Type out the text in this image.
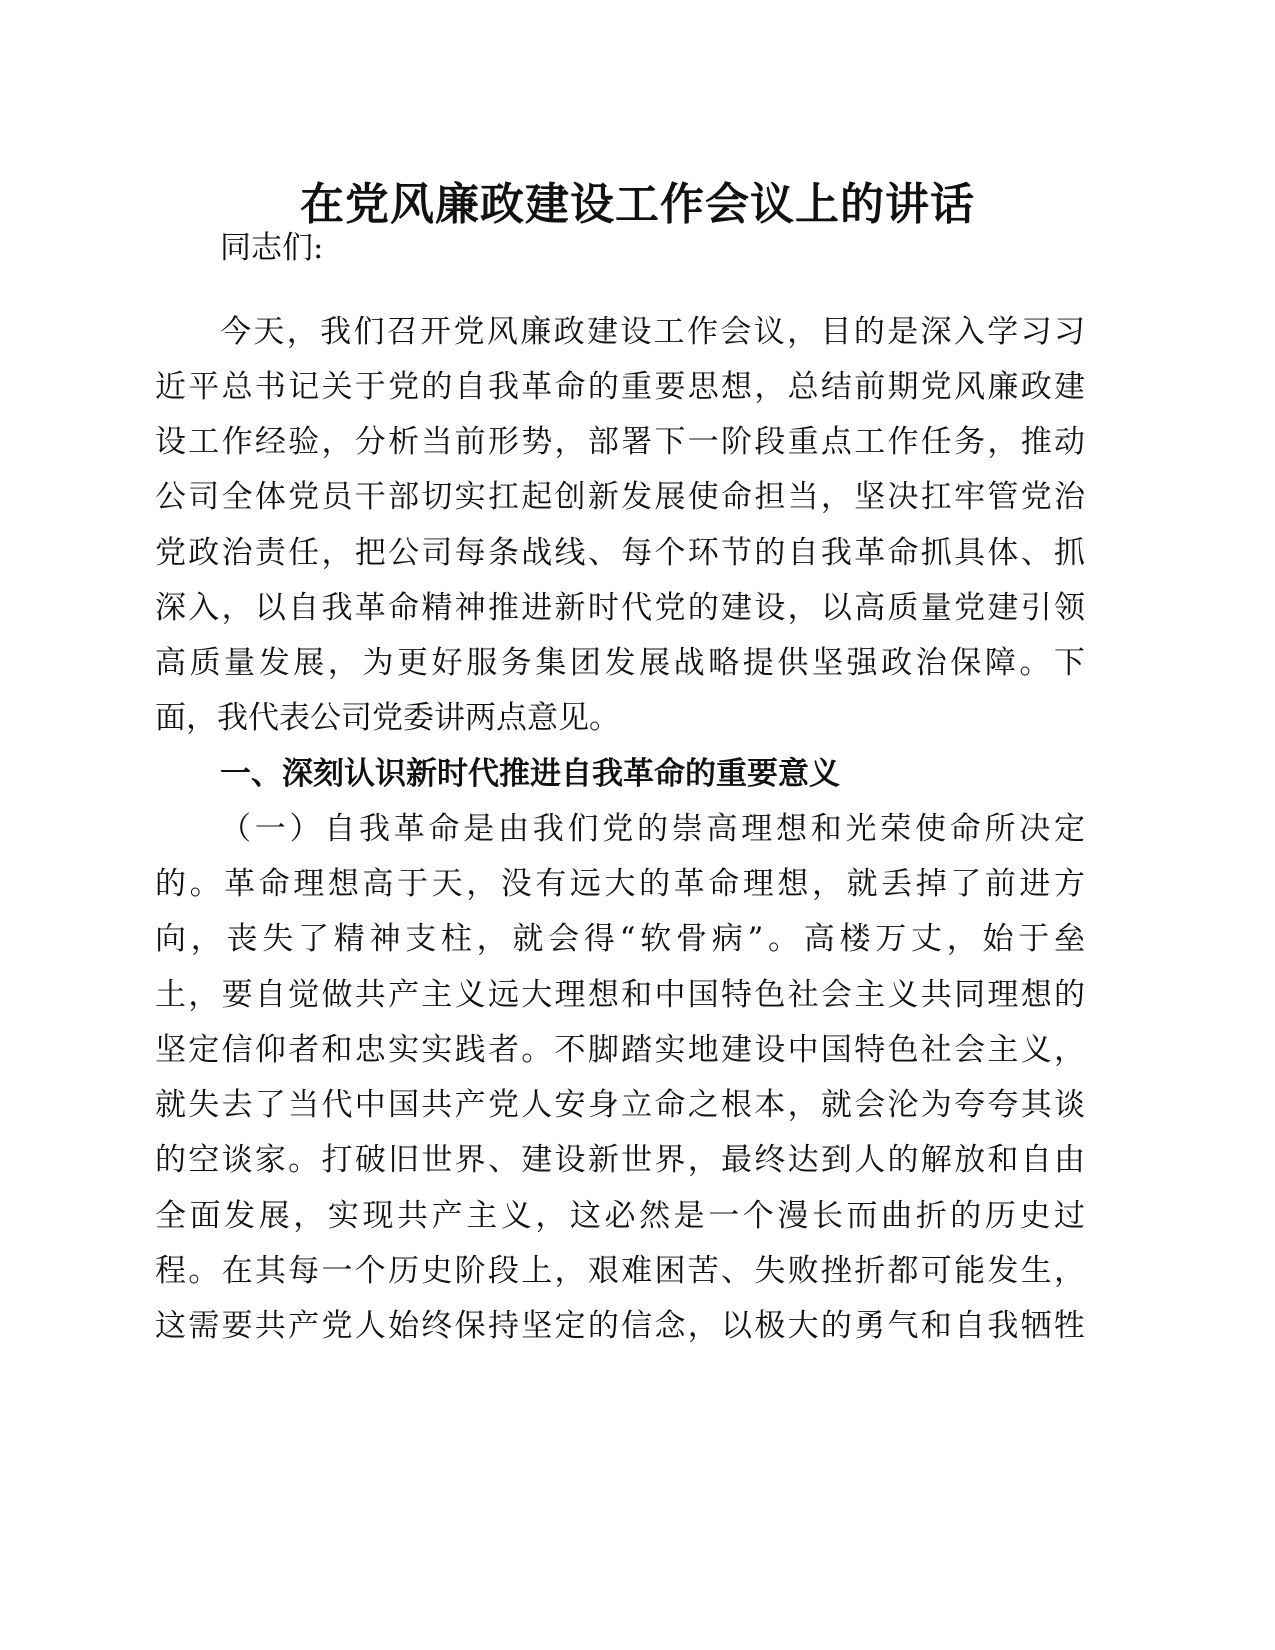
在党风廉政建设工作会议上的讲话
同志们:
今天，我们召开党风廉政建设工作会议，目的是深入学习习
近平总书记关于党的自我革命的重要思想，总结前期党风廉政建
设工作经验，分析当前形势，部署下一阶段重点工作任务，推动
公司全体党员干部切实扛起创新发展使命担当，坚决扛牢管党治
党政治责任，把公司每条战线、每个环节的自我革命抓具体、抓
深入，以自我革命精神推进新时代党的建设，以高质量党建引领
高质量发展，为更好服务集团发展战略提供坚强政治保障。下
面，我代表公司党委讲两点意见。
一、深刻认识新时代推进自我革命的重要意义
（一）自我革命是由我们党的崇高理想和光荣使命所决定
的。革命理想高于天，没有远大的革命理想，就丢掉了前进方
向，丧失了精神支柱，就会得“软骨病”。高楼万丈，始于垒
土，要自觉做共产主义远大理想和中国特色社会主义共同理想的
坚定信仰者和忠实实践者。不脚踏实地建设中国特色社会主义，
就失去了当代中国共产党人安身立命之根本，就会沦为夸夸其谈
的空谈家。打破旧世界、建设新世界，最终达到人的解放和自由
全面发展，实现共产主义，这必然是一个漫长而曲折的历史过
程。在其每一个历史阶段上，艰难困苦、失败挫折都可能发生，
这需要共产党人始终保持坚定的信念，以极大的勇气和自我牺牲
